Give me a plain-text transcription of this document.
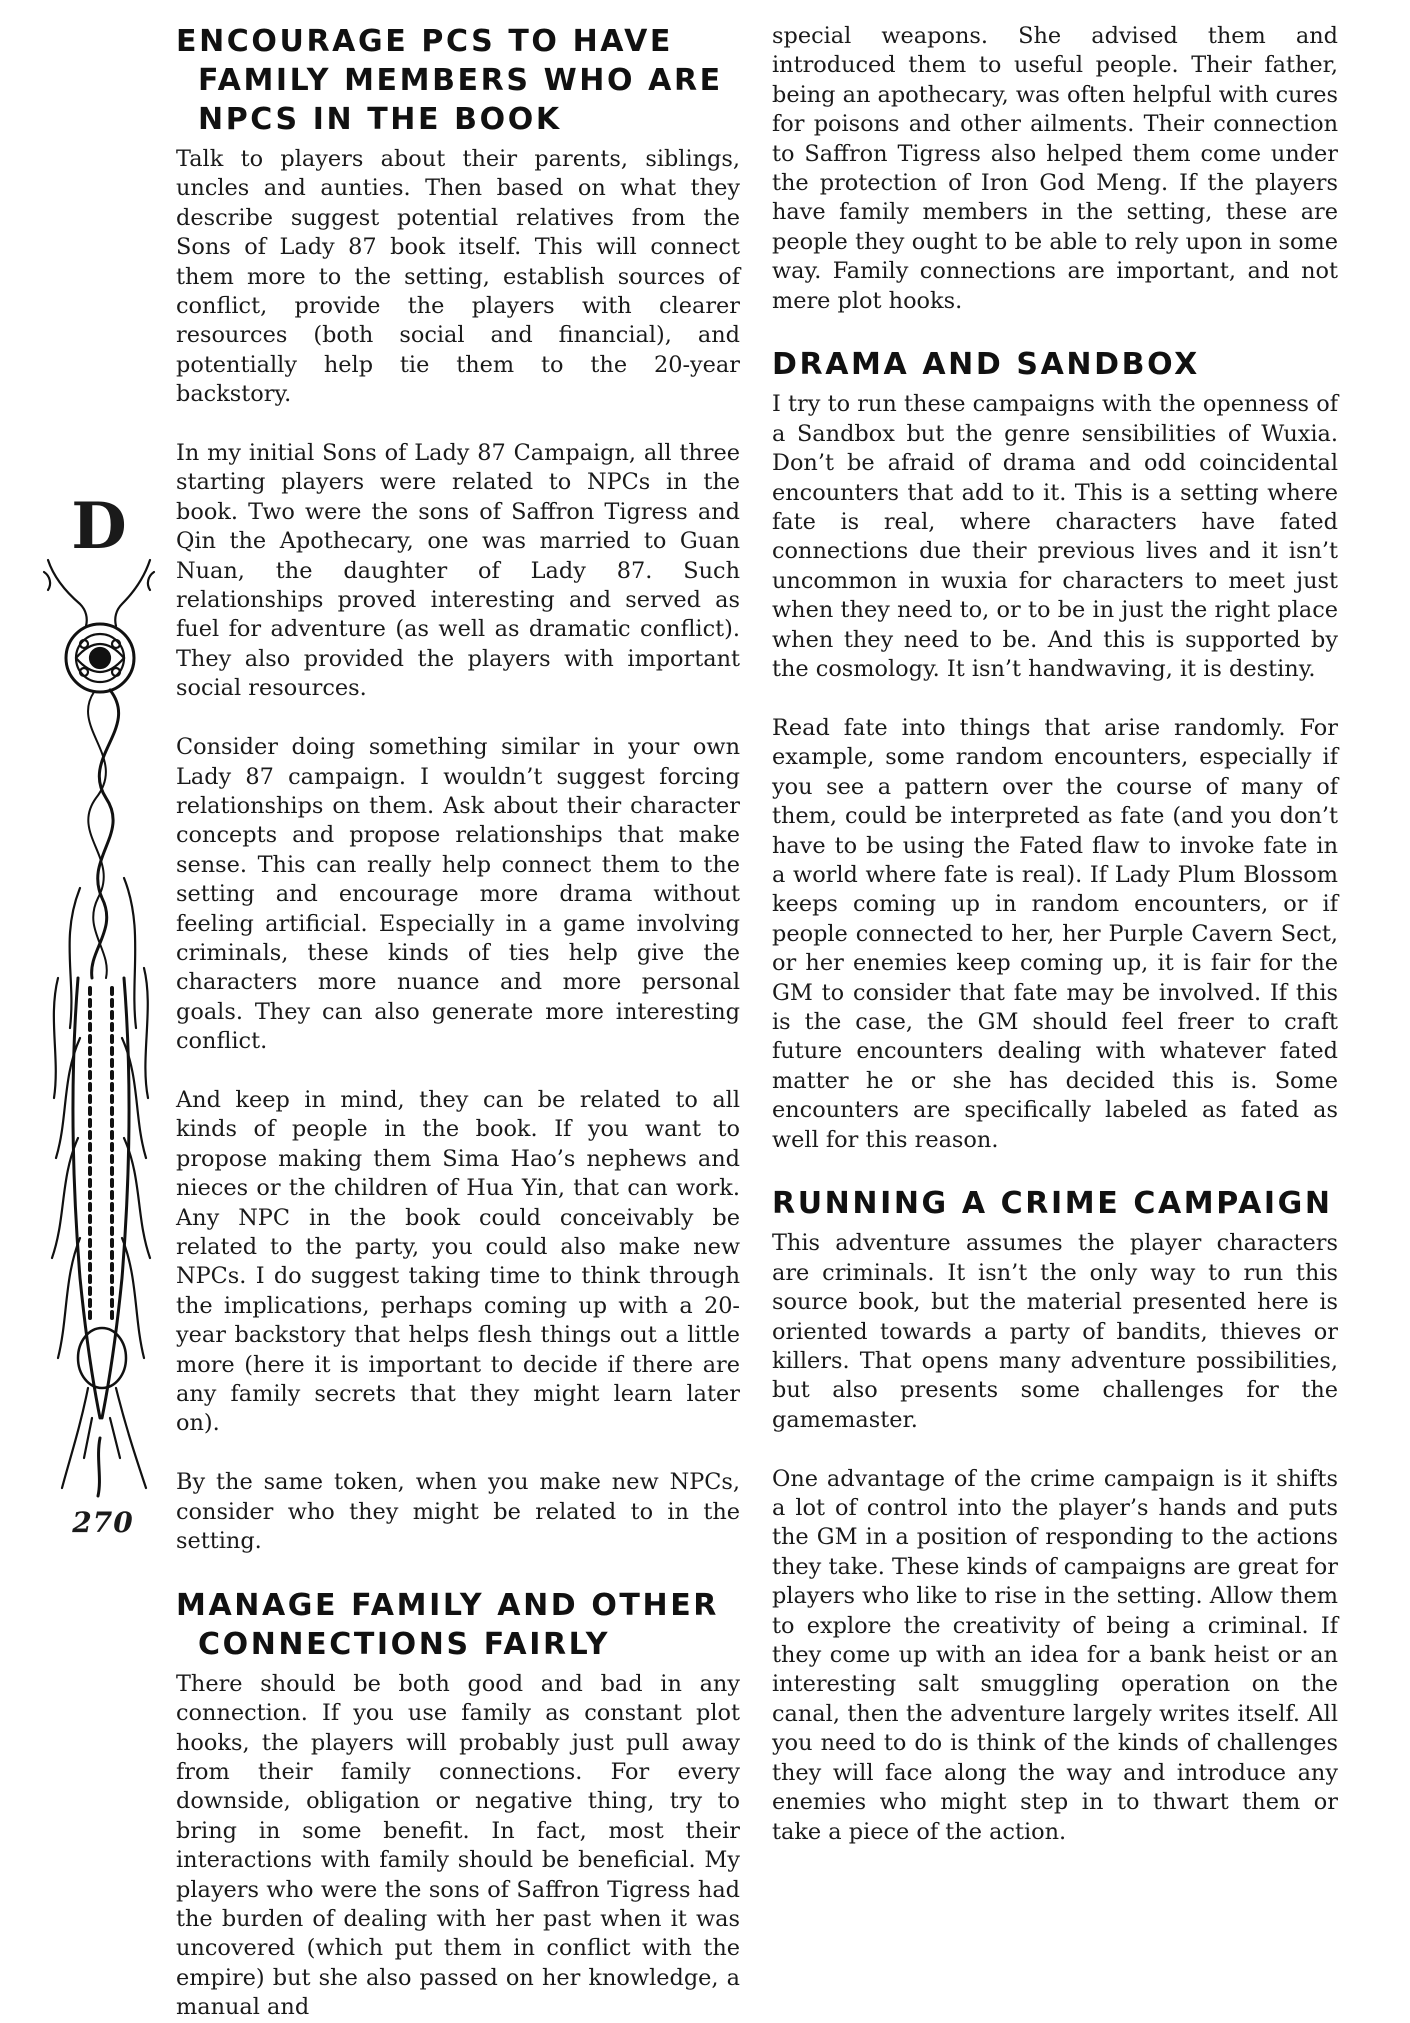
D
270
ENCOURAGE PCS TO HAVE
FAMILY MEMBERS WHO ARE
NPCS IN THE BOOK

Talk to players about their parents, siblings, uncles and aunties. Then based on what they describe suggest potential relatives from the Sons of Lady 87 book itself. This will connect them more to the setting, establish sources of conflict, provide the players with clearer resources (both social and financial), and potentially help tie them to the 20-year backstory.

In my initial Sons of Lady 87 Campaign, all three starting players were related to NPCs in the book. Two were the sons of Saffron Tigress and Qin the Apothecary, one was married to Guan Nuan, the daughter of Lady 87. Such relationships proved interesting and served as fuel for adventure (as well as dramatic conflict). They also provided the players with important social resources.

Consider doing something similar in your own Lady 87 campaign. I wouldn’t suggest forcing relationships on them. Ask about their character concepts and propose relationships that make sense. This can really help connect them to the setting and encourage more drama without feeling artificial. Especially in a game involving criminals, these kinds of ties help give the characters more nuance and more personal goals. They can also generate more interesting conflict.

And keep in mind, they can be related to all kinds of people in the book. If you want to propose making them Sima Hao’s nephews and nieces or the children of Hua Yin, that can work. Any NPC in the book could conceivably be related to the party, you could also make new NPCs. I do suggest taking time to think through the implications, perhaps coming up with a 20-year backstory that helps flesh things out a little more (here it is important to decide if there are any family secrets that they might learn later on).

By the same token, when you make new NPCs, consider who they might be related to in the setting.

MANAGE FAMILY AND OTHER
CONNECTIONS FAIRLY

There should be both good and bad in any connection. If you use family as constant plot hooks, the players will probably just pull away from their family connections. For every downside, obligation or negative thing, try to bring in some benefit. In fact, most their interactions with family should be beneficial. My players who were the sons of Saffron Tigress had the burden of dealing with her past when it was uncovered (which put them in conflict with the empire) but she also passed on her knowledge, a manual and

special weapons. She advised them and introduced them to useful people. Their father, being an apothecary, was often helpful with cures for poisons and other ailments. Their connection to Saffron Tigress also helped them come under the protection of Iron God Meng. If the players have family members in the setting, these are people they ought to be able to rely upon in some way. Family connections are important, and not mere plot hooks.

DRAMA AND SANDBOX

I try to run these campaigns with the openness of a Sandbox but the genre sensibilities of Wuxia. Don’t be afraid of drama and odd coincidental encounters that add to it. This is a setting where fate is real, where characters have fated connections due their previous lives and it isn’t uncommon in wuxia for characters to meet just when they need to, or to be in just the right place when they need to be. And this is supported by the cosmology. It isn’t handwaving, it is destiny.

Read fate into things that arise randomly. For example, some random encounters, especially if you see a pattern over the course of many of them, could be interpreted as fate (and you don’t have to be using the Fated flaw to invoke fate in a world where fate is real). If Lady Plum Blossom keeps coming up in random encounters, or if people connected to her, her Purple Cavern Sect, or her enemies keep coming up, it is fair for the GM to consider that fate may be involved. If this is the case, the GM should feel freer to craft future encounters dealing with whatever fated matter he or she has decided this is. Some encounters are specifically labeled as fated as well for this reason.

RUNNING A CRIME CAMPAIGN

This adventure assumes the player characters are criminals. It isn’t the only way to run this source book, but the material presented here is oriented towards a party of bandits, thieves or killers. That opens many adventure possibilities, but also presents some challenges for the gamemaster.

One advantage of the crime campaign is it shifts a lot of control into the player’s hands and puts the GM in a position of responding to the actions they take. These kinds of campaigns are great for players who like to rise in the setting. Allow them to explore the creativity of being a criminal. If they come up with an idea for a bank heist or an interesting salt smuggling operation on the canal, then the adventure largely writes itself. All you need to do is think of the kinds of challenges they will face along the way and introduce any enemies who might step in to thwart them or take a piece of the action.
